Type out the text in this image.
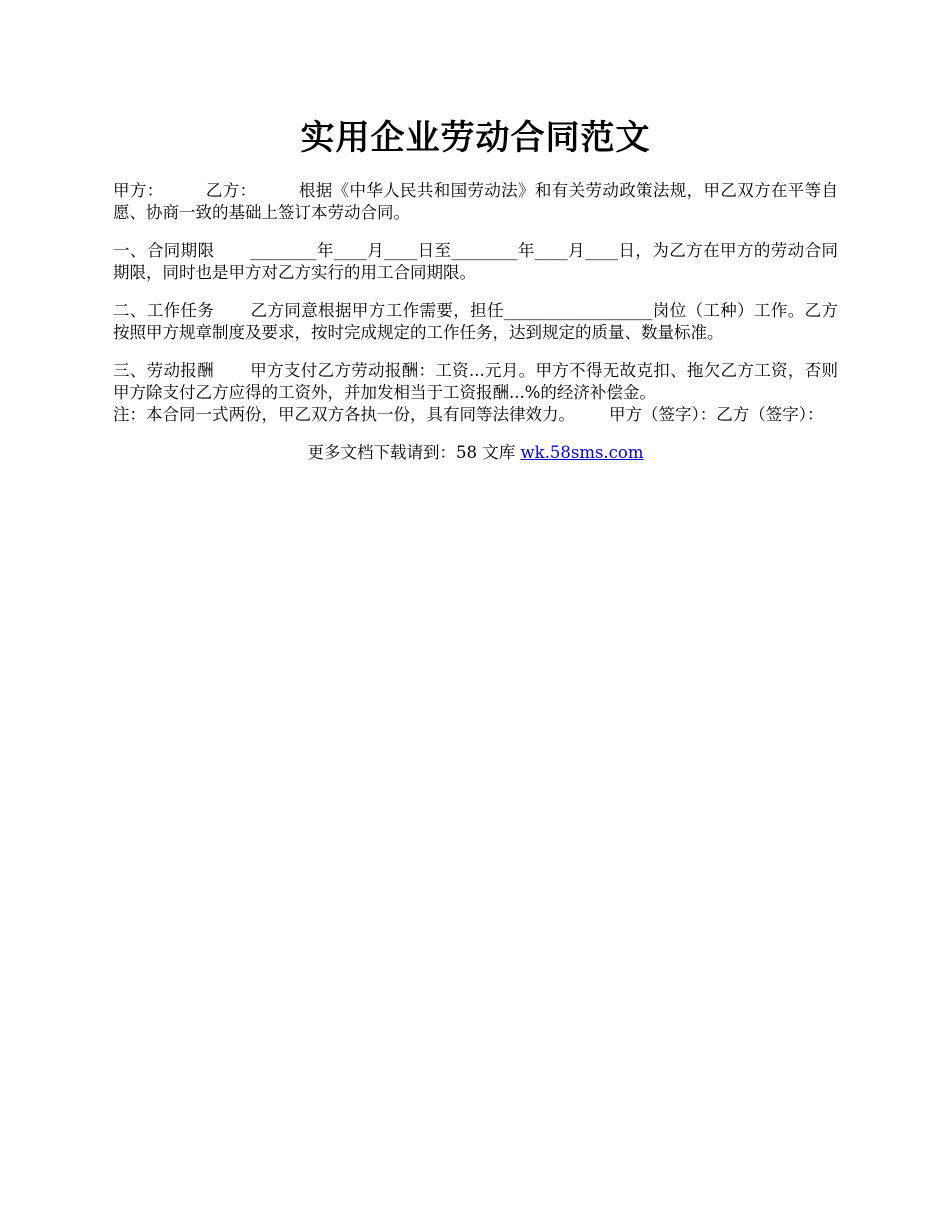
实用企业劳动合同范文

甲方：	乙方：	根据《中华人民共和国劳动法》和有关劳动政策法规，甲乙双方在平等自愿、协商一致的基础上签订本劳动合同。

一、合同期限 ________年____月____日至________年____月____日，为乙方在甲方的劳动合同期限，同时也是甲方对乙方实行的用工合同期限。

二、工作任务 乙方同意根据甲方工作需要，担任__________________岗位（工种）工作。乙方按照甲方规章制度及要求，按时完成规定的工作任务，达到规定的质量、数量标准。

三、劳动报酬 甲方支付乙方劳动报酬：工资...元月。甲方不得无故克扣、拖欠乙方工资，否则甲方除支付乙方应得的工资外，并加发相当于工资报酬...%的经济补偿金。

注：本合同一式两份，甲乙双方各执一份，具有同等法律效力。 甲方（签字）：乙方（签字）：

更多文档下载请到：58 文库 wk.58sms.com
